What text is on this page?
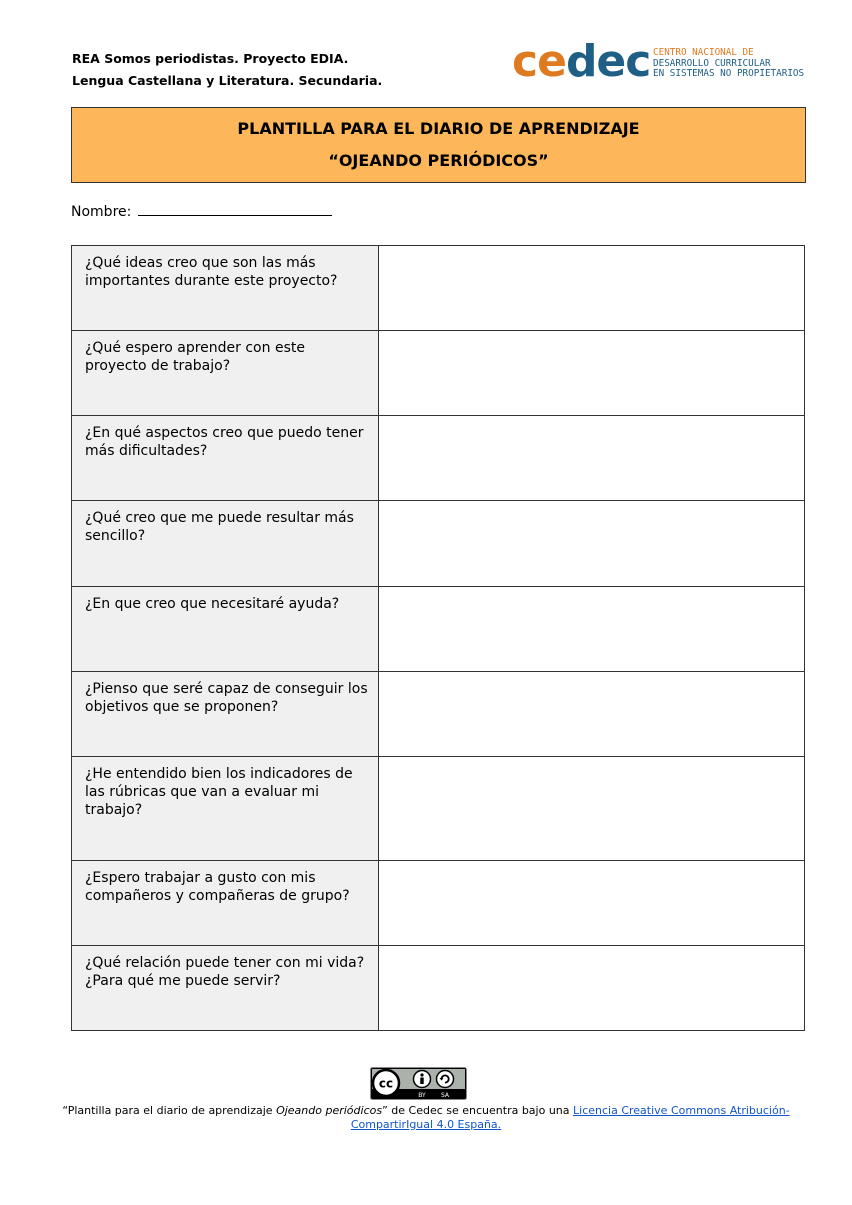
REA Somos periodistas. Proyecto EDIA.
Lengua Castellana y Literatura. Secundaria.	cedec CENTRO NACIONAL DE
DESARROLLO CURRICULAR
EN SISTEMAS NO PROPIETARIOS
PLANTILLA PARA EL DIARIO DE APRENDIZAJE
“OJEANDO PERIÓDICOS”
Nombre:
¿Qué ideas creo que son las más importantes durante este proyecto?	
¿Qué espero aprender con este proyecto de trabajo?	
¿En qué aspectos creo que puedo tener más dificultades?	
¿Qué creo que me puede resultar más sencillo?	
¿En que creo que necesitaré ayuda?	
¿Pienso que seré capaz de conseguir los objetivos que se proponen?	
¿He entendido bien los indicadores de las rúbricas que van a evaluar mi trabajo?	
¿Espero trabajar a gusto con mis compañeros y compañeras de grupo?	
¿Qué relación puede tener con mi vida? ¿Para qué me puede servir?	
cc
BY	SA
“Plantilla para el diario de aprendizaje Ojeando periódicos” de Cedec se encuentra bajo una Licencia Creative Commons Atribución-CompartirIgual 4.0 España.
